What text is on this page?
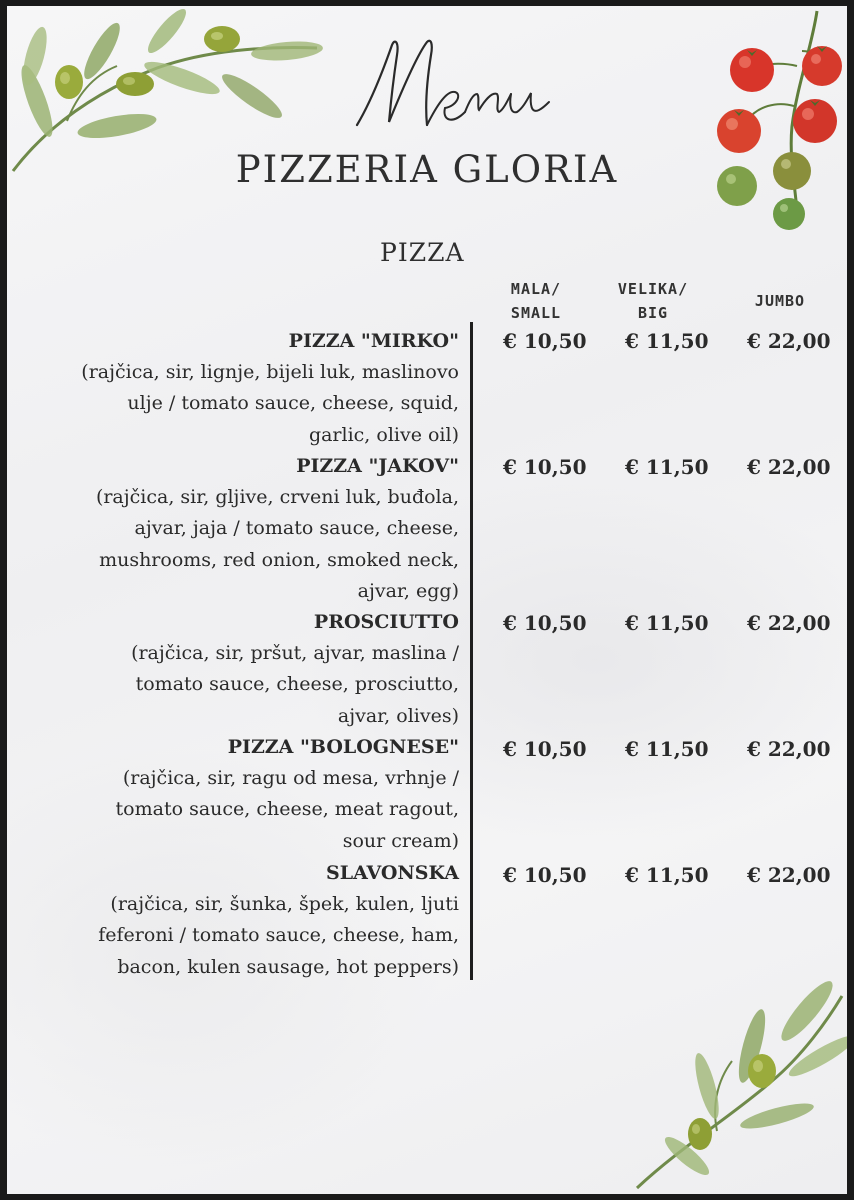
PIZZERIA GLORIA
PIZZA
MALA/
SMALL
VELIKA/
BIG
JUMBO
PIZZA "MIRKO"
(rajčica, sir, lignje, bijeli luk, maslinovo
ulje / tomato sauce, cheese, squid,
garlic, olive oil)
€ 10,50 € 11,50 € 22,00
PIZZA "JAKOV"
(rajčica, sir, gljive, crveni luk, buđola,
ajvar, jaja / tomato sauce, cheese,
mushrooms, red onion, smoked neck,
ajvar, egg)
€ 10,50 € 11,50 € 22,00
PROSCIUTTO
(rajčica, sir, pršut, ajvar, maslina /
tomato sauce, cheese, prosciutto,
ajvar, olives)
€ 10,50 € 11,50 € 22,00
PIZZA "BOLOGNESE"
(rajčica, sir, ragu od mesa, vrhnje /
tomato sauce, cheese, meat ragout,
sour cream)
€ 10,50 € 11,50 € 22,00
SLAVONSKA
(rajčica, sir, šunka, špek, kulen, ljuti
feferoni / tomato sauce, cheese, ham,
bacon, kulen sausage, hot peppers)
€ 10,50 € 11,50 € 22,00
